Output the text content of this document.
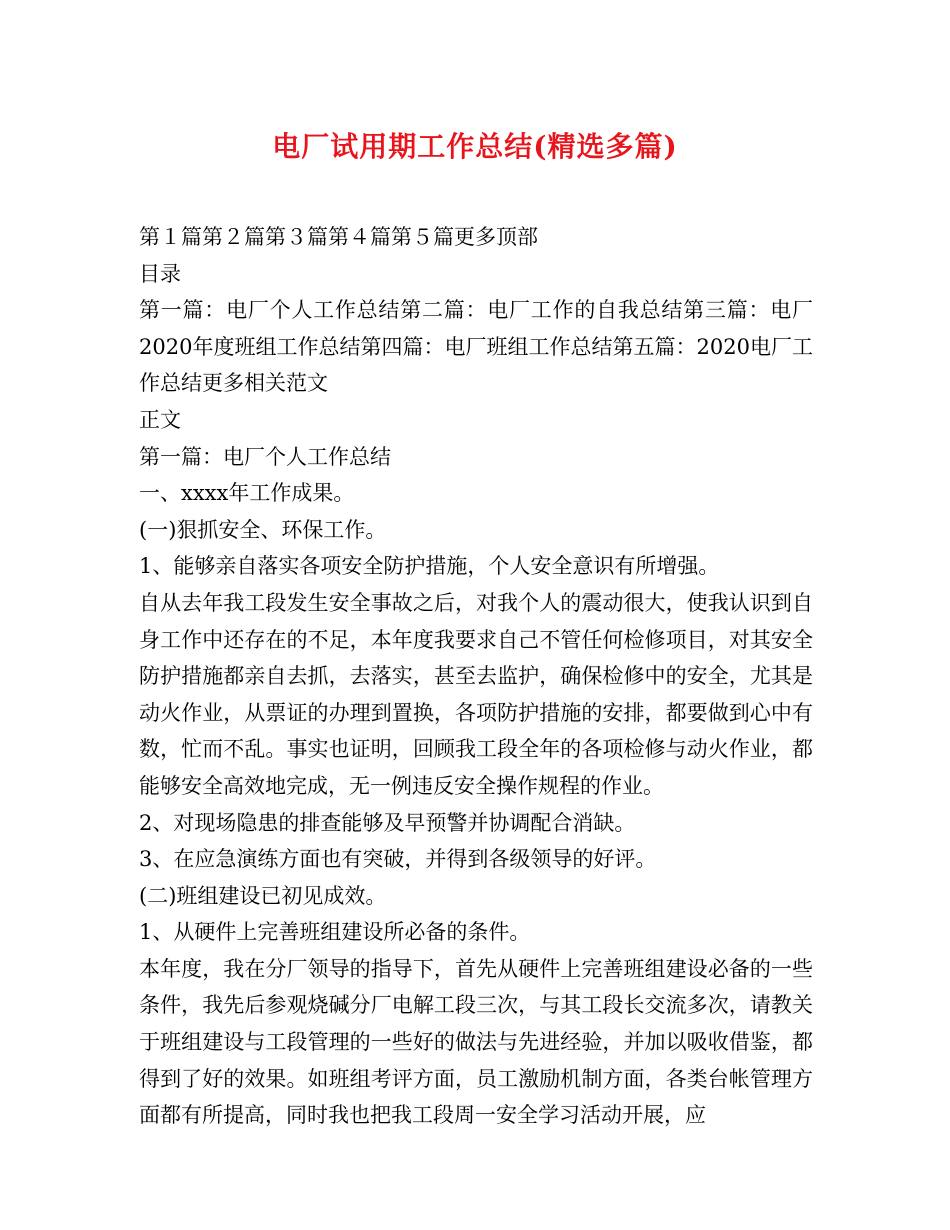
电厂试用期工作总结(精选多篇)

第１篇第２篇第３篇第４篇第５篇更多顶部

目录

第一篇：电厂个人工作总结第二篇：电厂工作的自我总结第三篇：电厂2020年度班组工作总结第四篇：电厂班组工作总结第五篇：2020电厂工作总结更多相关范文

正文

第一篇：电厂个人工作总结

一、xxxx年工作成果。

(一)狠抓安全、环保工作。

1、能够亲自落实各项安全防护措施，个人安全意识有所增强。

自从去年我工段发生安全事故之后，对我个人的震动很大，使我认识到自身工作中还存在的不足，本年度我要求自己不管任何检修项目，对其安全防护措施都亲自去抓，去落实，甚至去监护，确保检修中的安全，尤其是动火作业，从票证的办理到置换，各项防护措施的安排，都要做到心中有数，忙而不乱。事实也证明，回顾我工段全年的各项检修与动火作业，都能够安全高效地完成，无一例违反安全操作规程的作业。

2、对现场隐患的排查能够及早预警并协调配合消缺。

3、在应急演练方面也有突破，并得到各级领导的好评。

(二)班组建设已初见成效。

1、从硬件上完善班组建设所必备的条件。

本年度，我在分厂领导的指导下，首先从硬件上完善班组建设必备的一些条件，我先后参观烧碱分厂电解工段三次，与其工段长交流多次，请教关于班组建设与工段管理的一些好的做法与先进经验，并加以吸收借鉴，都得到了好的效果。如班组考评方面，员工激励机制方面，各类台帐管理方面都有所提高，同时我也把我工段周一安全学习活动开展，应
